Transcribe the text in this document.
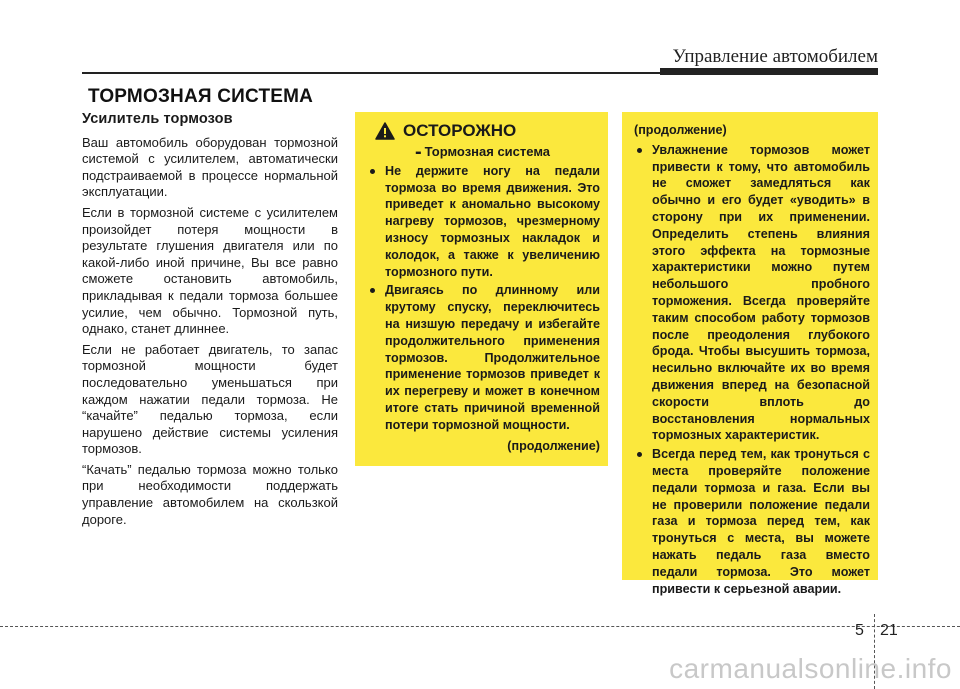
Управление автомобилем
ТОРМОЗНАЯ СИСТЕМА
Усилитель тормозов

Ваш автомобиль оборудован тормозной системой с усилителем, автоматически подстраиваемой в процессе нормальной эксплуатации.

Если в тормозной системе с усилителем произойдет потеря мощности в результате глушения двигателя или по какой-либо иной причине, Вы все равно сможете остановить автомобиль, прикладывая к педали тормоза большее усилие, чем обычно. Тормозной путь, однако, станет длиннее.

Если не работает двигатель, то запас тормозной мощности будет последовательно уменьшаться при каждом нажатии педали тормоза. Не “качайте” педалью тормоза, если нарушено действие системы усиления тормозов.

“Качать” педалью тормоза можно только при необходимости поддержать управление автомобилем на скользкой дороге.

ОСТОРОЖНО
- Тормозная система
Не держите ногу на педали тормоза во время движения. Это приведет к аномально высокому нагреву тормозов, чрезмерному износу тормозных накладок и колодок, а также к увеличению тормозного пути.
Двигаясь по длинному или крутому спуску, переключитесь на низшую передачу и избегайте продолжительного применения тормозов. Продолжительное применение тормозов приведет к их перегреву и может в конечном итоге стать причиной временной потери тормозной мощности.
(продолжение)
(продолжение)
Увлажнение тормозов может привести к тому, что автомобиль не сможет замедляться как обычно и его будет «уводить» в сторону при их применении. Определить степень влияния этого эффекта на тормозные характеристики можно путем небольшого пробного торможения. Всегда проверяйте таким способом работу тормозов после преодоления глубокого брода. Чтобы высушить тормоза, несильно включайте их во время движения вперед на безопасной скорости вплоть до восстановления нормальных тормозных характеристик.
Всегда перед тем, как тронуться с места проверяйте положение педали тормоза и газа. Если вы не проверили положение педали газа и тормоза перед тем, как тронуться с места, вы можете нажать педаль газа вместо педали тормоза. Это может привести к серьезной аварии.
5 21
carmanualsonline.info
